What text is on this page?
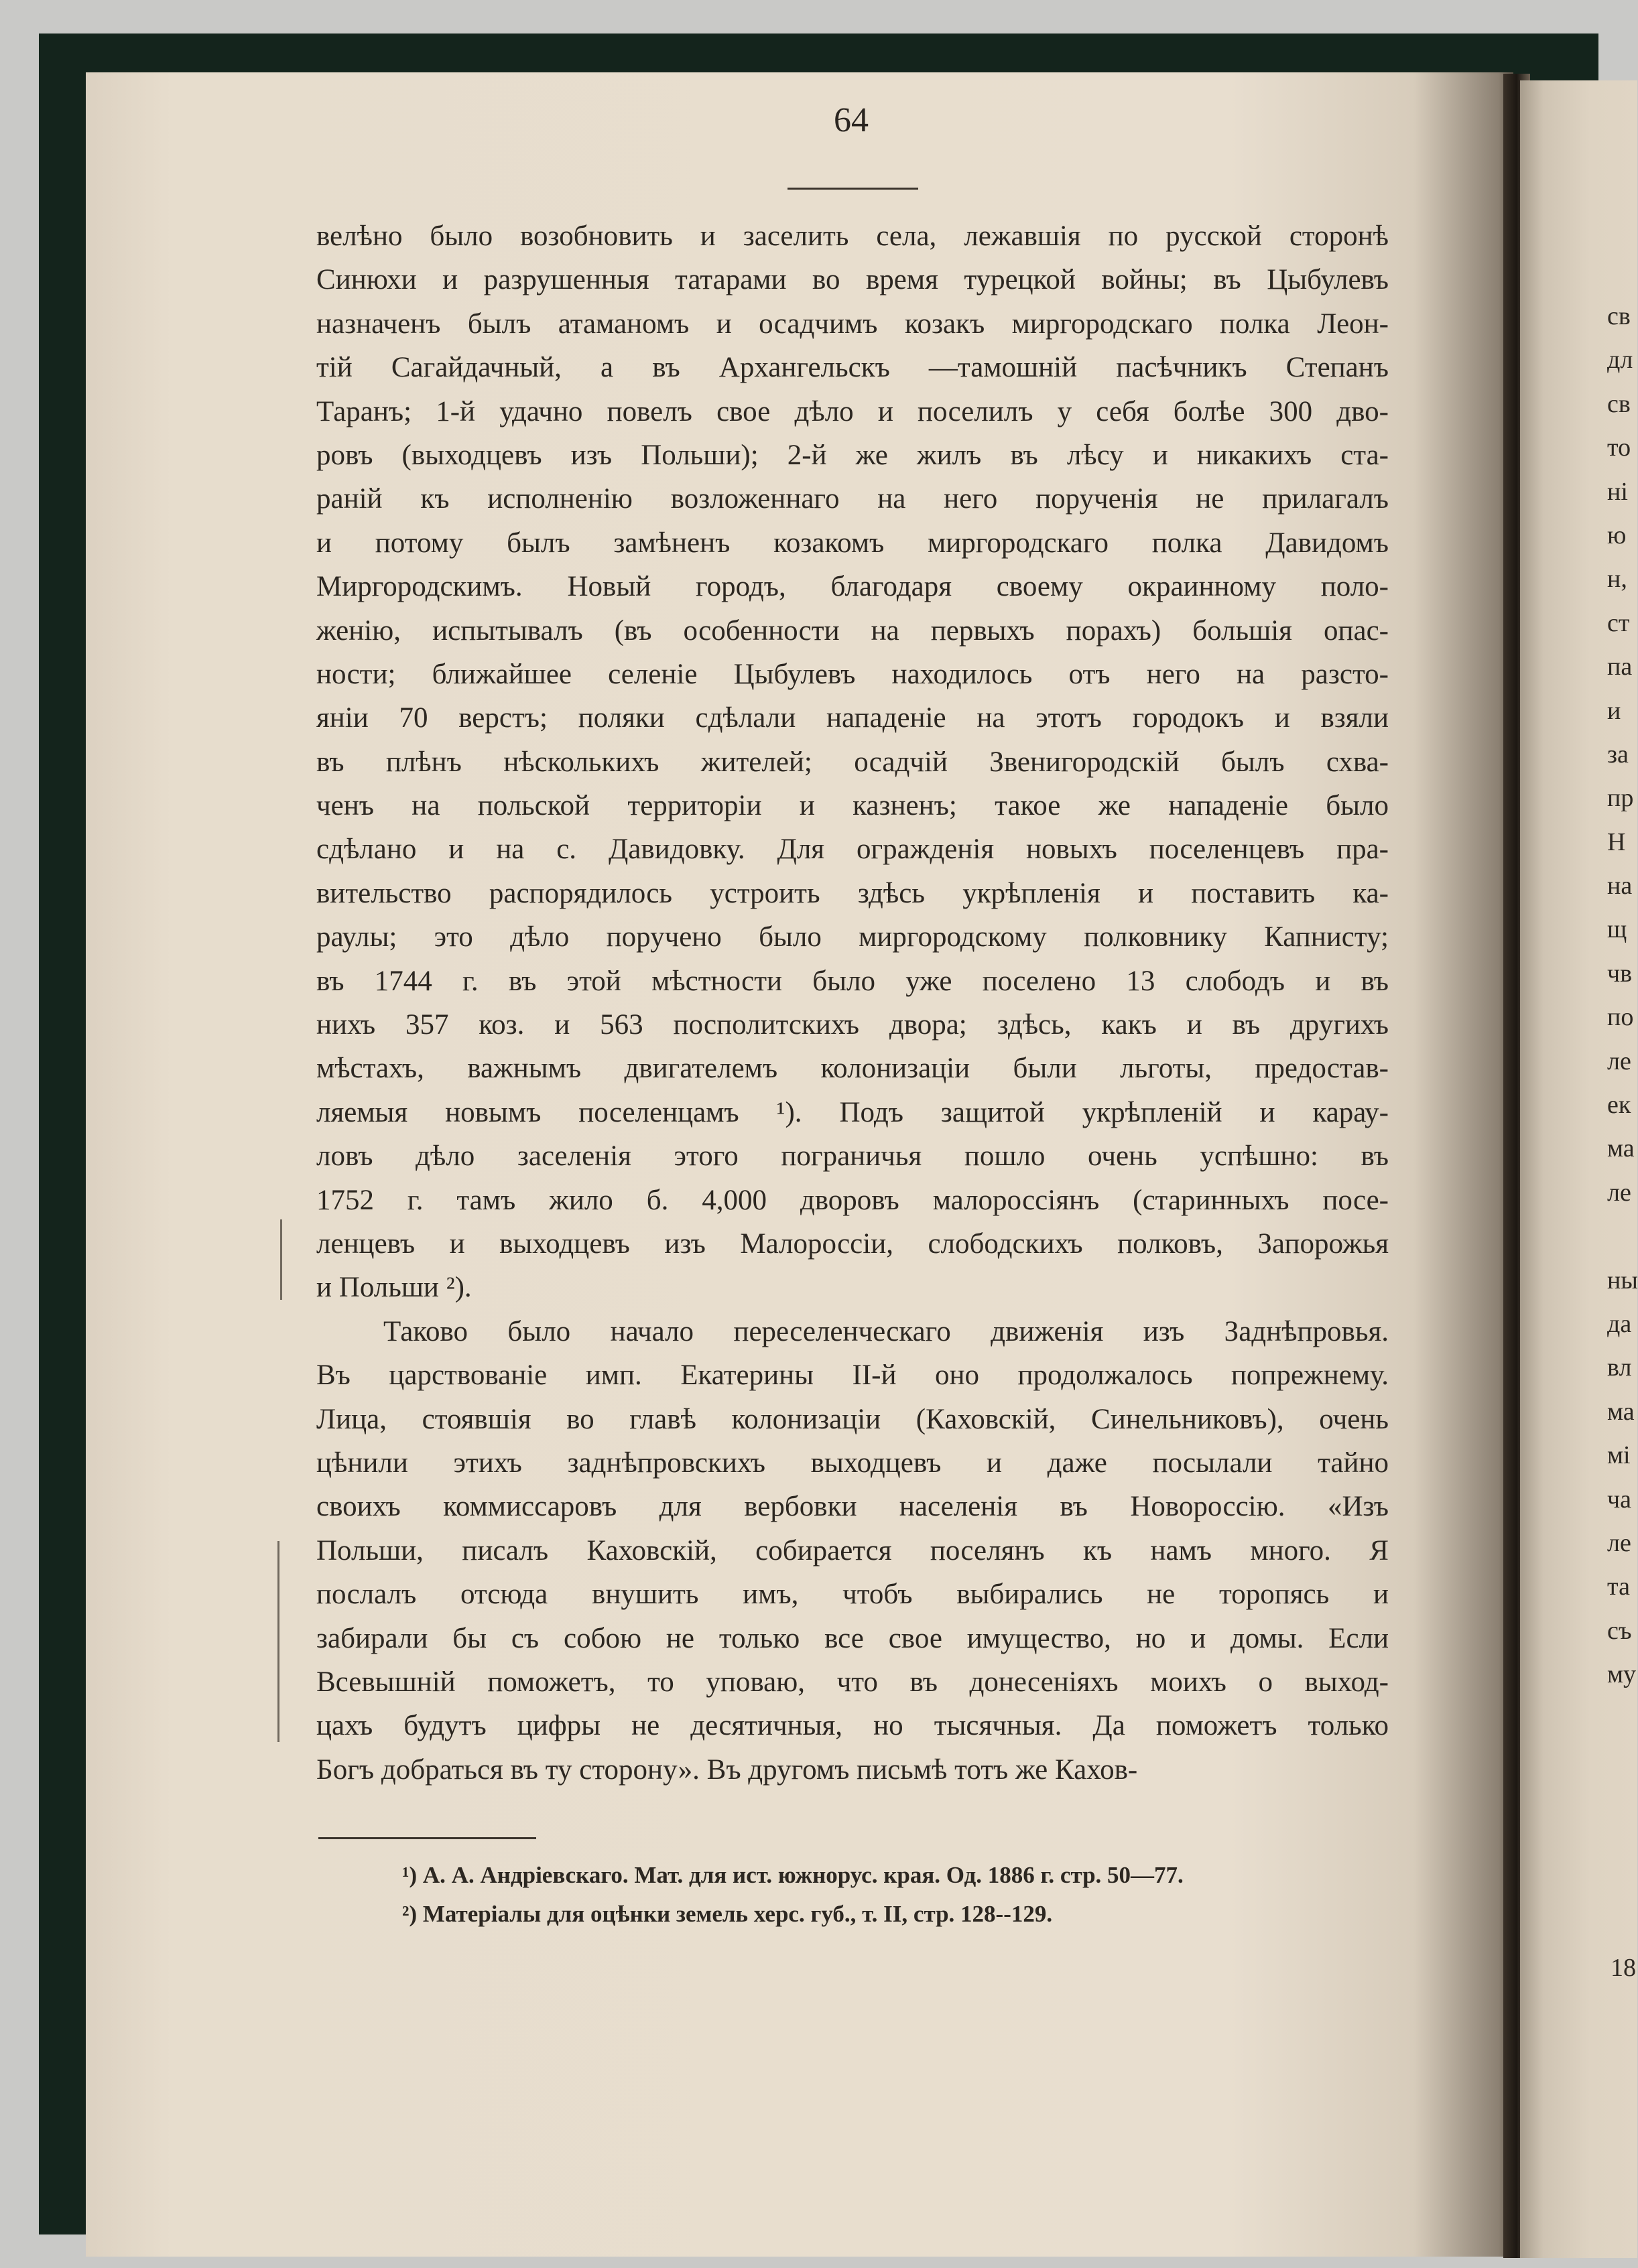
св
дл
св
то
ні
ю
н,
ст
па
и
за
пр
Н
на
щ
чв
по
ле
ек
ма
ле
ны
да
вл
ма
мі
ча
ле
та
съ
му
18
64
велѣно было возобновить и заселить села, лежавшія по русской сторонѣ
Синюхи и разрушенныя татарами во время турецкой войны; въ Цыбулевъ
назначенъ былъ атаманомъ и осадчимъ козакъ миргородскаго полка Леон-
тій Сагайдачный, а въ Архангельскъ —тамошній пасѣчникъ Степанъ
Таранъ; 1-й удачно повелъ свое дѣло и поселилъ у себя болѣе 300 дво-
ровъ (выходцевъ изъ Польши); 2-й же жилъ въ лѣсу и никакихъ ста-
раній къ исполненію возложеннаго на него порученія не прилагалъ
и потому былъ замѣненъ козакомъ миргородскаго полка Давидомъ
Миргородскимъ. Новый городъ, благодаря своему окраинному поло-
женію, испытывалъ (въ особенности на первыхъ порахъ) большія опас-
ности; ближайшее селеніе Цыбулевъ находилось отъ него на разсто-
яніи 70 верстъ; поляки сдѣлали нападеніе на этотъ городокъ и взяли
въ плѣнъ нѣсколькихъ жителей; осадчій Звенигородскій былъ схва-
ченъ на польской территоріи и казненъ; такое же нападеніе было
сдѣлано и на с. Давидовку. Для огражденія новыхъ поселенцевъ пра-
вительство распорядилось устроить здѣсь укрѣпленія и поставить ка-
раулы; это дѣло поручено было миргородскому полковнику Капнисту;
въ 1744 г. въ этой мѣстности было уже поселено 13 слободъ и въ
нихъ 357 коз. и 563 посполитскихъ двора; здѣсь, какъ и въ другихъ
мѣстахъ, важнымъ двигателемъ колонизаціи были льготы, предостав-
ляемыя новымъ поселенцамъ ¹). Подъ защитой укрѣпленій и карау-
ловъ дѣло заселенія этого пограничья пошло очень успѣшно: въ
1752 г. тамъ жило б. 4,000 дворовъ малороссіянъ (старинныхъ посе-
ленцевъ и выходцевъ изъ Малороссіи, слободскихъ полковъ, Запорожья
и Польши ²).
Таково было начало переселенческаго движенія изъ Заднѣпровья.
Въ царствованіе имп. Екатерины II-й оно продолжалось попрежнему.
Лица, стоявшія во главѣ колонизаціи (Каховскій, Синельниковъ), очень
цѣнили этихъ заднѣпровскихъ выходцевъ и даже посылали тайно
своихъ коммиссаровъ для вербовки населенія въ Новороссію. «Изъ
Польши, писалъ Каховскій, собирается поселянъ къ намъ много. Я
послалъ отсюда внушить имъ, чтобъ выбирались не торопясь и
забирали бы съ собою не только все свое имущество, но и домы. Если
Всевышній поможетъ, то уповаю, что въ донесеніяхъ моихъ о выход-
цахъ будутъ цифры не десятичныя, но тысячныя. Да поможетъ только
Богъ добраться въ ту сторону». Въ другомъ письмѣ тотъ же Кахов-
¹) А. А. Андріевскаго. Мат. для ист. южнорус. края. Од. 1886 г. стр. 50—77.
²) Матеріалы для оцѣнки земель херс. губ., т. II, стр. 128--129.
